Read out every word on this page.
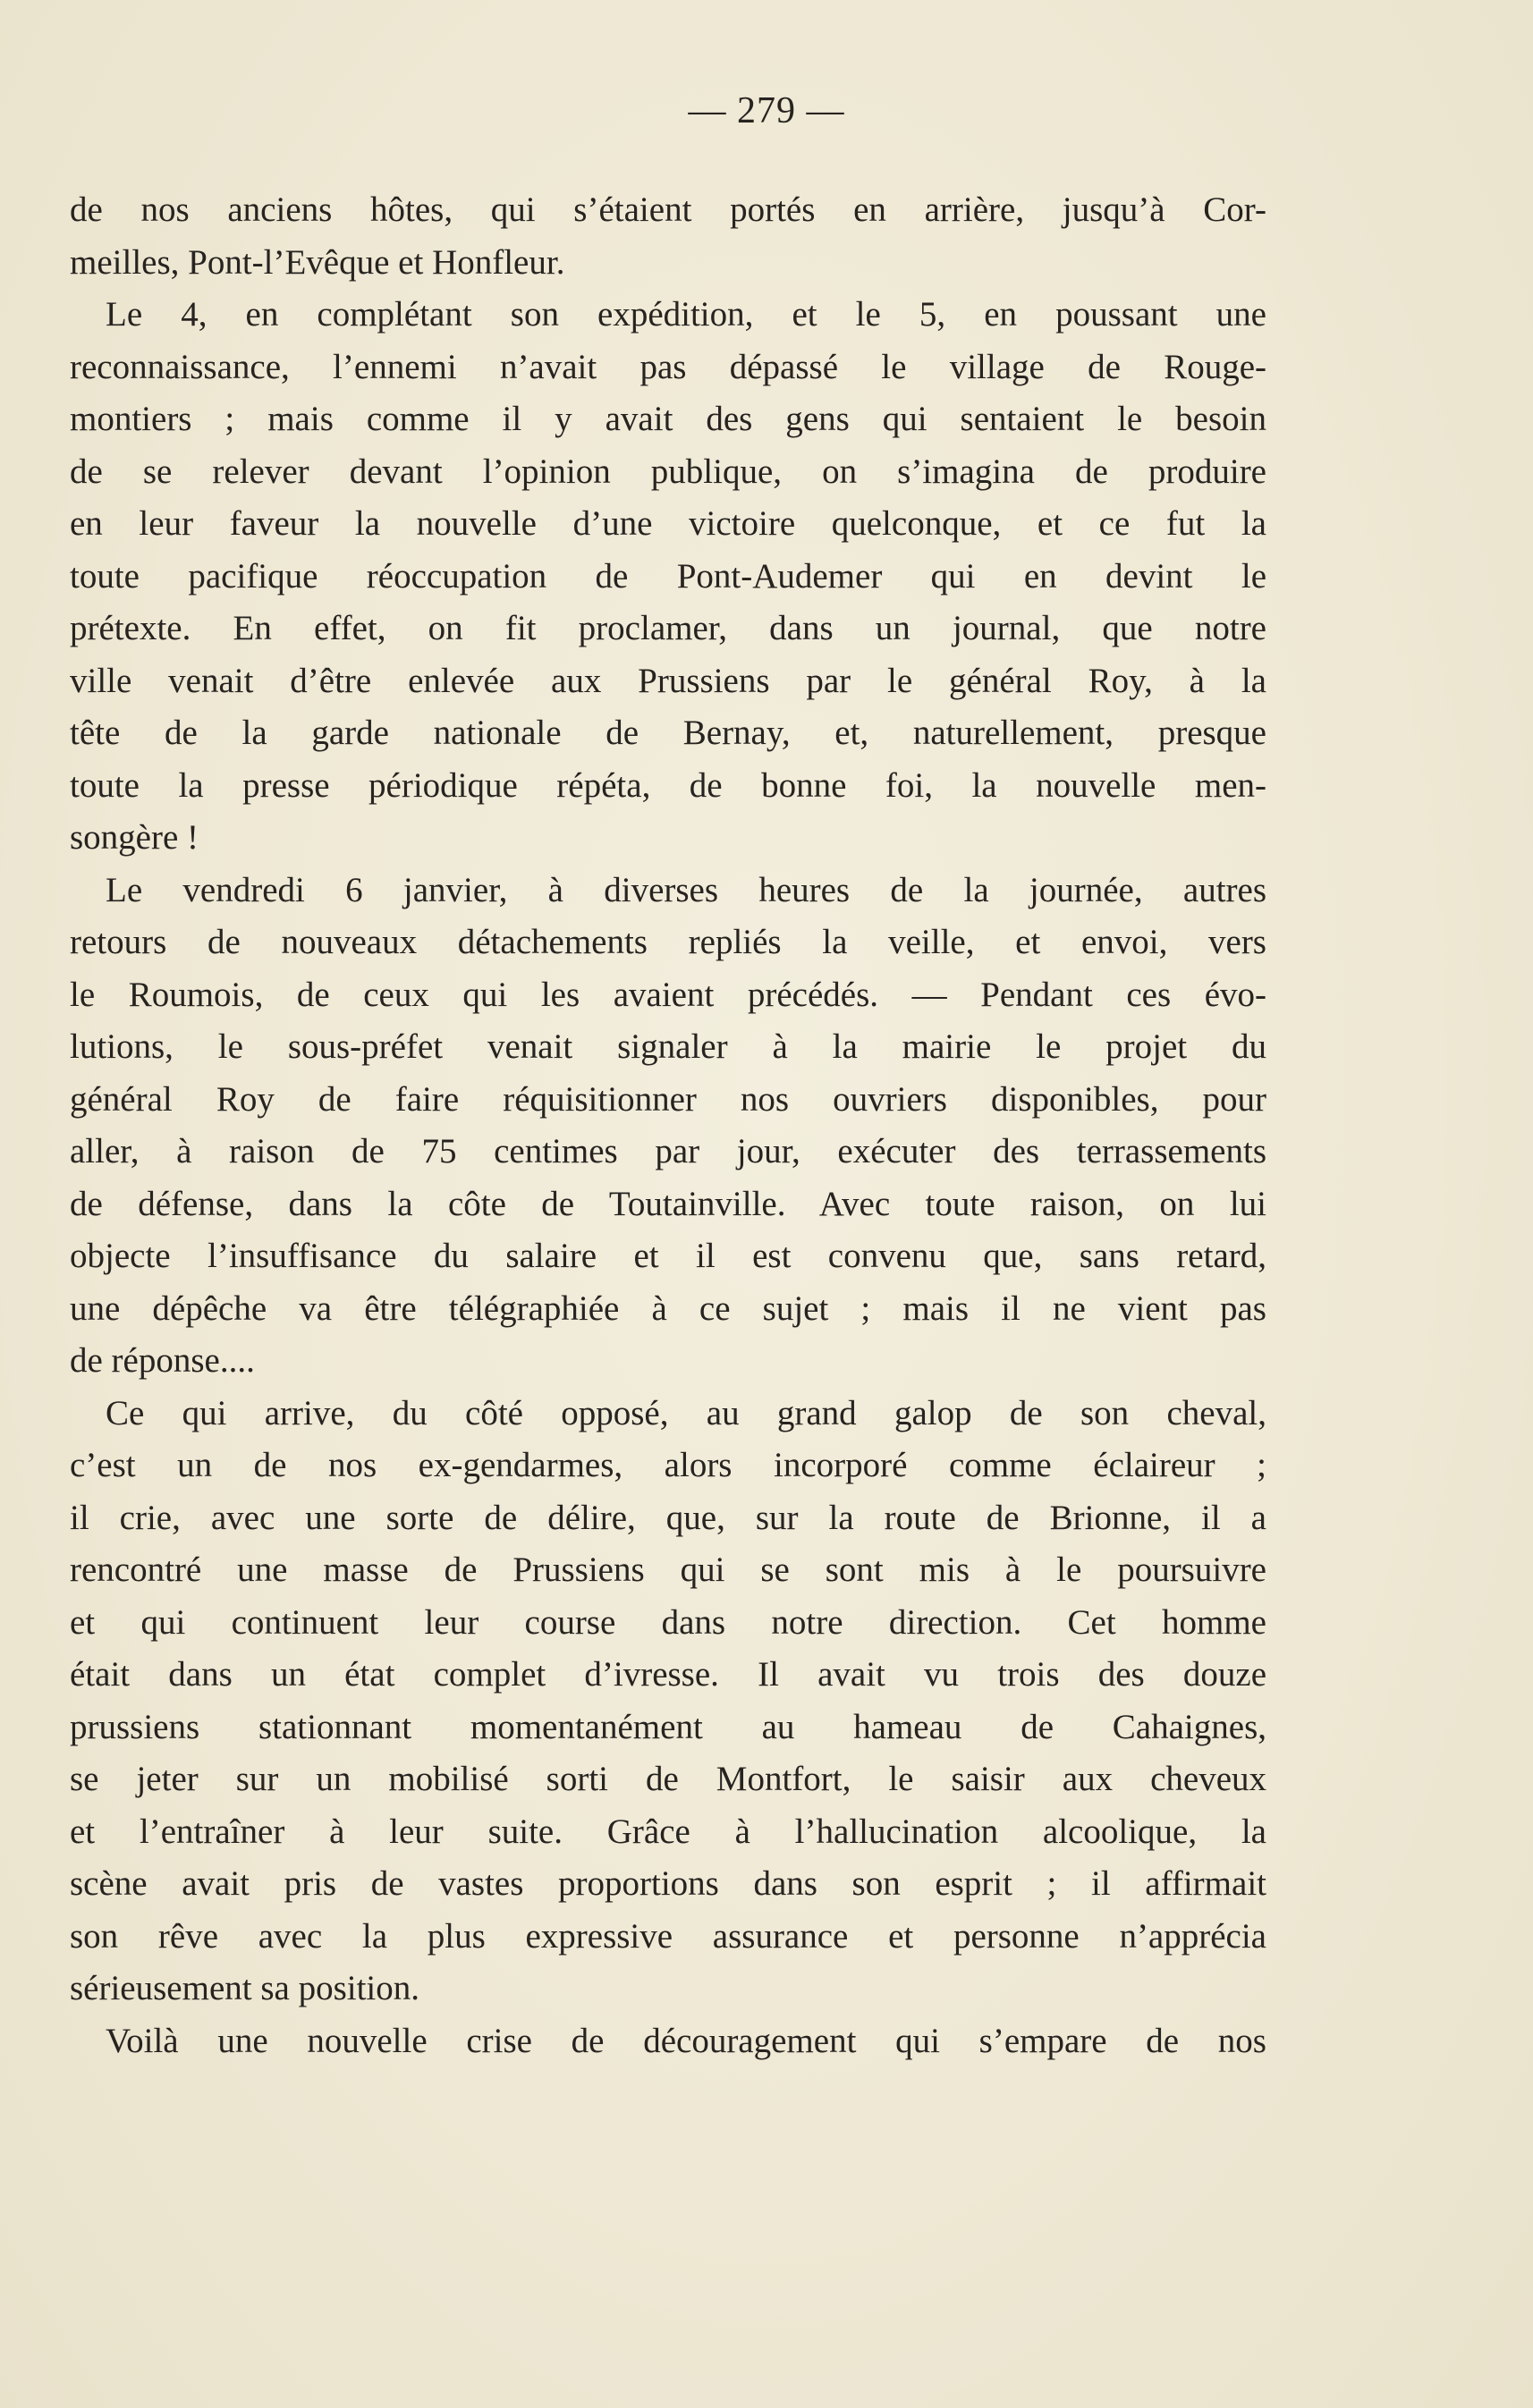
— 279 —
de nos anciens hôtes, qui s’étaient portés en arrière, jusqu’à Cor-
meilles, Pont-l’Evêque et Honfleur.
Le 4, en complétant son expédition, et le 5, en poussant une
reconnaissance, l’ennemi n’avait pas dépassé le village de Rouge-
montiers ; mais comme il y avait des gens qui sentaient le besoin
de se relever devant l’opinion publique, on s’imagina de produire
en leur faveur la nouvelle d’une victoire quelconque, et ce fut la
toute pacifique réoccupation de Pont-Audemer qui en devint le
prétexte. En effet, on fit proclamer, dans un journal, que notre
ville venait d’être enlevée aux Prussiens par le général Roy, à la
tête de la garde nationale de Bernay, et, naturellement, presque
toute la presse périodique répéta, de bonne foi, la nouvelle men-
songère !
Le vendredi 6 janvier, à diverses heures de la journée, autres
retours de nouveaux détachements repliés la veille, et envoi, vers
le Roumois, de ceux qui les avaient précédés. — Pendant ces évo-
lutions, le sous-préfet venait signaler à la mairie le projet du
général Roy de faire réquisitionner nos ouvriers disponibles, pour
aller, à raison de 75 centimes par jour, exécuter des terrassements
de défense, dans la côte de Toutainville. Avec toute raison, on lui
objecte l’insuffisance du salaire et il est convenu que, sans retard,
une dépêche va être télégraphiée à ce sujet ; mais il ne vient pas
de réponse....
Ce qui arrive, du côté opposé, au grand galop de son cheval,
c’est un de nos ex-gendarmes, alors incorporé comme éclaireur ;
il crie, avec une sorte de délire, que, sur la route de Brionne, il a
rencontré une masse de Prussiens qui se sont mis à le poursuivre
et qui continuent leur course dans notre direction. Cet homme
était dans un état complet d’ivresse. Il avait vu trois des douze
prussiens stationnant momentanément au hameau de Cahaignes,
se jeter sur un mobilisé sorti de Montfort, le saisir aux cheveux
et l’entraîner à leur suite. Grâce à l’hallucination alcoolique, la
scène avait pris de vastes proportions dans son esprit ; il affirmait
son rêve avec la plus expressive assurance et personne n’apprécia
sérieusement sa position.
Voilà une nouvelle crise de découragement qui s’empare de nos
